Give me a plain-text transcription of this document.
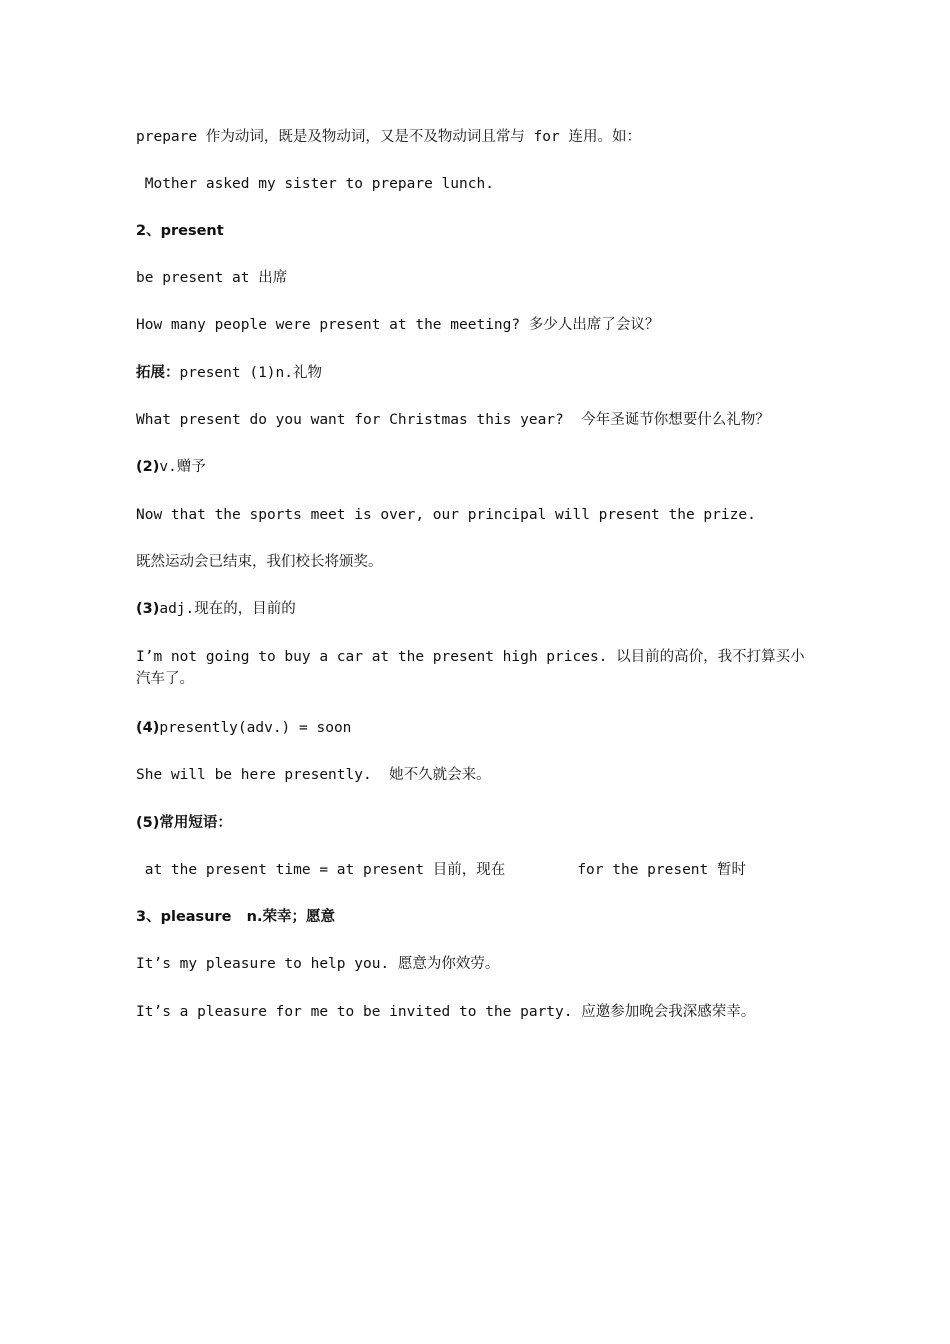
prepare 作为动词，既是及物动词，又是不及物动词且常与 for 连用。如：
Mother asked my sister to prepare lunch.
2、present
be present at 出席
How many people were present at the meeting? 多少人出席了会议？
拓展：present (1)n.礼物
What present do you want for Christmas this year?  今年圣诞节你想要什么礼物？
(2)v.赠予
Now that the sports meet is over, our principal will present the prize.
既然运动会已结束，我们校长将颁奖。
(3)adj.现在的，目前的
I’m not going to buy a car at the present high prices. 以目前的高价，我不打算买小汽车了。
(4)presently(adv.) = soon
She will be here presently.  她不久就会来。
(5)常用短语：
at the present time = at present 目前，现在	for the present 暂时
3、pleasure   n.荣幸；愿意
It’s my pleasure to help you. 愿意为你效劳。
It’s a pleasure for me to be invited to the party. 应邀参加晚会我深感荣幸。
